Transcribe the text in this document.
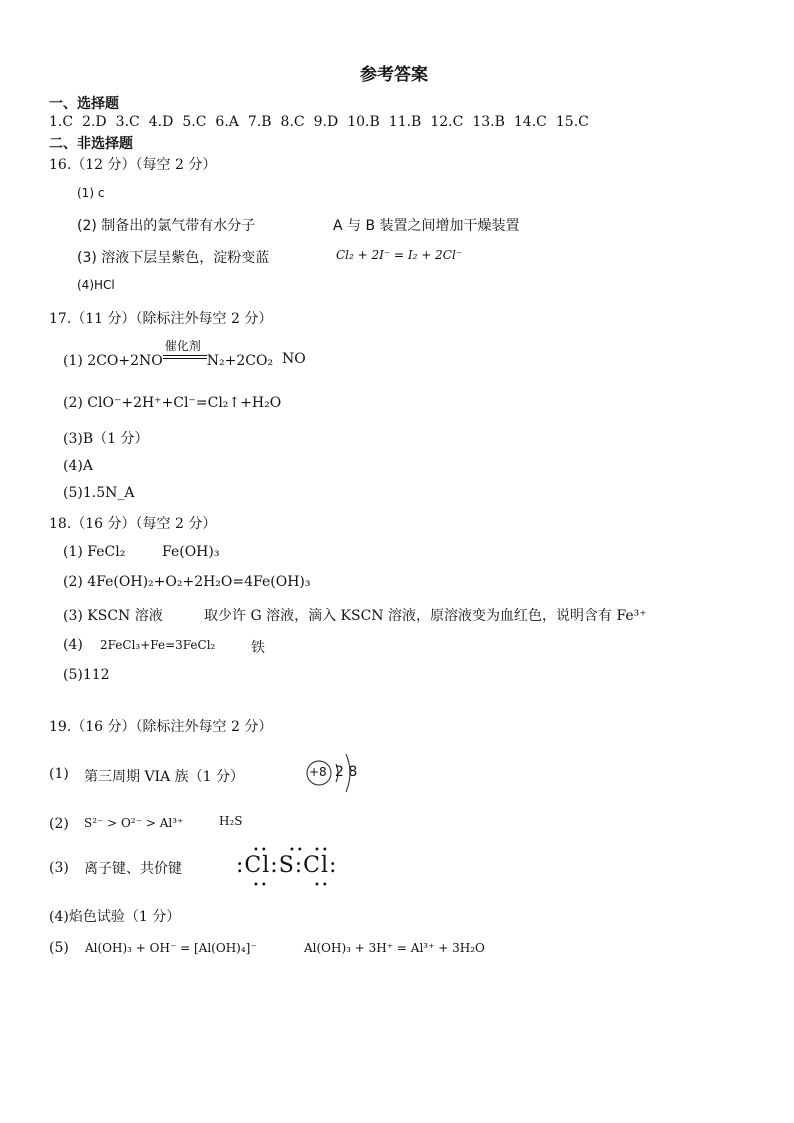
参考答案
一、选择题
1.C 2.D 3.C 4.D 5.C 6.A 7.B 8.C 9.D 10.B 11.B 12.C 13.B 14.C 15.C
二、非选择题
16.（12 分）（每空 2 分）
(1) c
(2) 制备出的氯气带有水分子	A 与 B 装置之间增加干燥装置
(3) 溶液下层呈紫色，淀粉变蓝	Cl₂ + 2I⁻ = I₂ + 2Cl⁻
(4)HCl
17.（11 分）（除标注外每空 2 分）
(1) 2CO+2NO
催化剂
N₂+2CO₂ NO
(2) ClO⁻+2H⁺+Cl⁻=Cl₂↑+H₂O
(3)B（1 分）
(4)A
(5)1.5N_A
18.（16 分）（每空 2 分）
(1) FeCl₂	Fe(OH)₃
(2) 4Fe(OH)₂+O₂+2H₂O=4Fe(OH)₃
(3) KSCN 溶液	取少许 G 溶液，滴入 KSCN 溶液，原溶液变为血红色，说明含有 Fe³⁺
(4) 2FeCl₃+Fe=3FeCl₂	铁
(5)112
19.（16 分）（除标注外每空 2 分）
(1) 第三周期 VIA 族（1 分）	+8 2 8
(2) S²⁻ > O²⁻ > Al³⁺	H₂S
(3) 离子键、共价键
•• •• ••
:Cl:S:Cl:
••	••
(4)焰色试验（1 分）
(5) Al(OH)₃ + OH⁻ = [Al(OH)₄]⁻	Al(OH)₃ + 3H⁺ = Al³⁺ + 3H₂O
